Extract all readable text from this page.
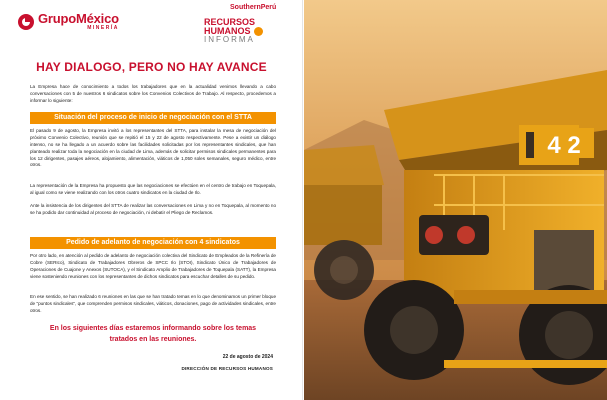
GrupoMéxico
MINERÍA
SouthernPerú
RECURSOS
HUMANOS
INFORMA
HAY DIALOGO, PERO NO HAY AVANCE

La Empresa hace de conocimiento a todos los trabajadores que en la actualidad venimos llevando a cabo conversaciones con 5 de nuestros 6 sindicatos sobre los Convenios Colectivos de Trabajo. Al respecto, procedemos a informar lo siguiente:

Situación del proceso de inicio de negociación con el STTA

El pasado 9 de agosto, la Empresa invitó a los representantes del STTA, para instalar la mesa de negociación del próximo Convenio Colectivo, reunión que se repitió el 15 y 22 de agosto respectivamente. Pese a existir un diálogo intenso, no se ha llegado a un acuerdo sobre las facilidades solicitadas por los representantes sindicales, que han planteado realizar toda la negociación en la ciudad de Lima, además de solicitar permisos sindicales permanentes para los 12 dirigentes, pasajes aéreos, alojamiento, alimentación, viáticos de 1,050 soles semanales, seguro médico, entre otros.

La representación de la Empresa ha propuesto que las negociaciones se efectúen en el centro de trabajo en Toquepala, al igual como se viene realizando con los otros cuatro sindicatos en la ciudad de Ilo.

Ante la insistencia de los dirigentes del STTA de realizar las conversaciones en Lima y no en Toquepala, al momento no se ha podido dar continuidad al proceso de negociación, ni debatir el Pliego de Reclamos.

Pedido de adelanto de negociación con 4 sindicatos

Por otro lado, en atención al pedido de adelanto de negociación colectiva del Sindicato de Empleados de la Refinería de Cobre (SERIco), Sindicato de Trabajadores Obreros de SPCC Ilo (STOI), Sindicato Único de Trabajadores de Operaciones de Cuajone y Anexos (SUTOCA), y el Sindicato Amplio de Trabajadores de Toquepala (SATT), la Empresa viene sosteniendo reuniones con los representantes de dichos sindicatos para escuchar detalles de su pedido.

En ese sentido, se han realizado 6 reuniones en las que se han tratado temas en lo que denominamos un primer bloque de "puntos sindicales", que comprenden permisos sindicales, viáticos, donaciones, pago de actividades sindicales, entre otros.

En los siguientes días estaremos informando sobre los temas tratados en las reuniones.
22 de agosto de 2024
DIRECCIÓN DE RECURSOS HUMANOS
4 2
